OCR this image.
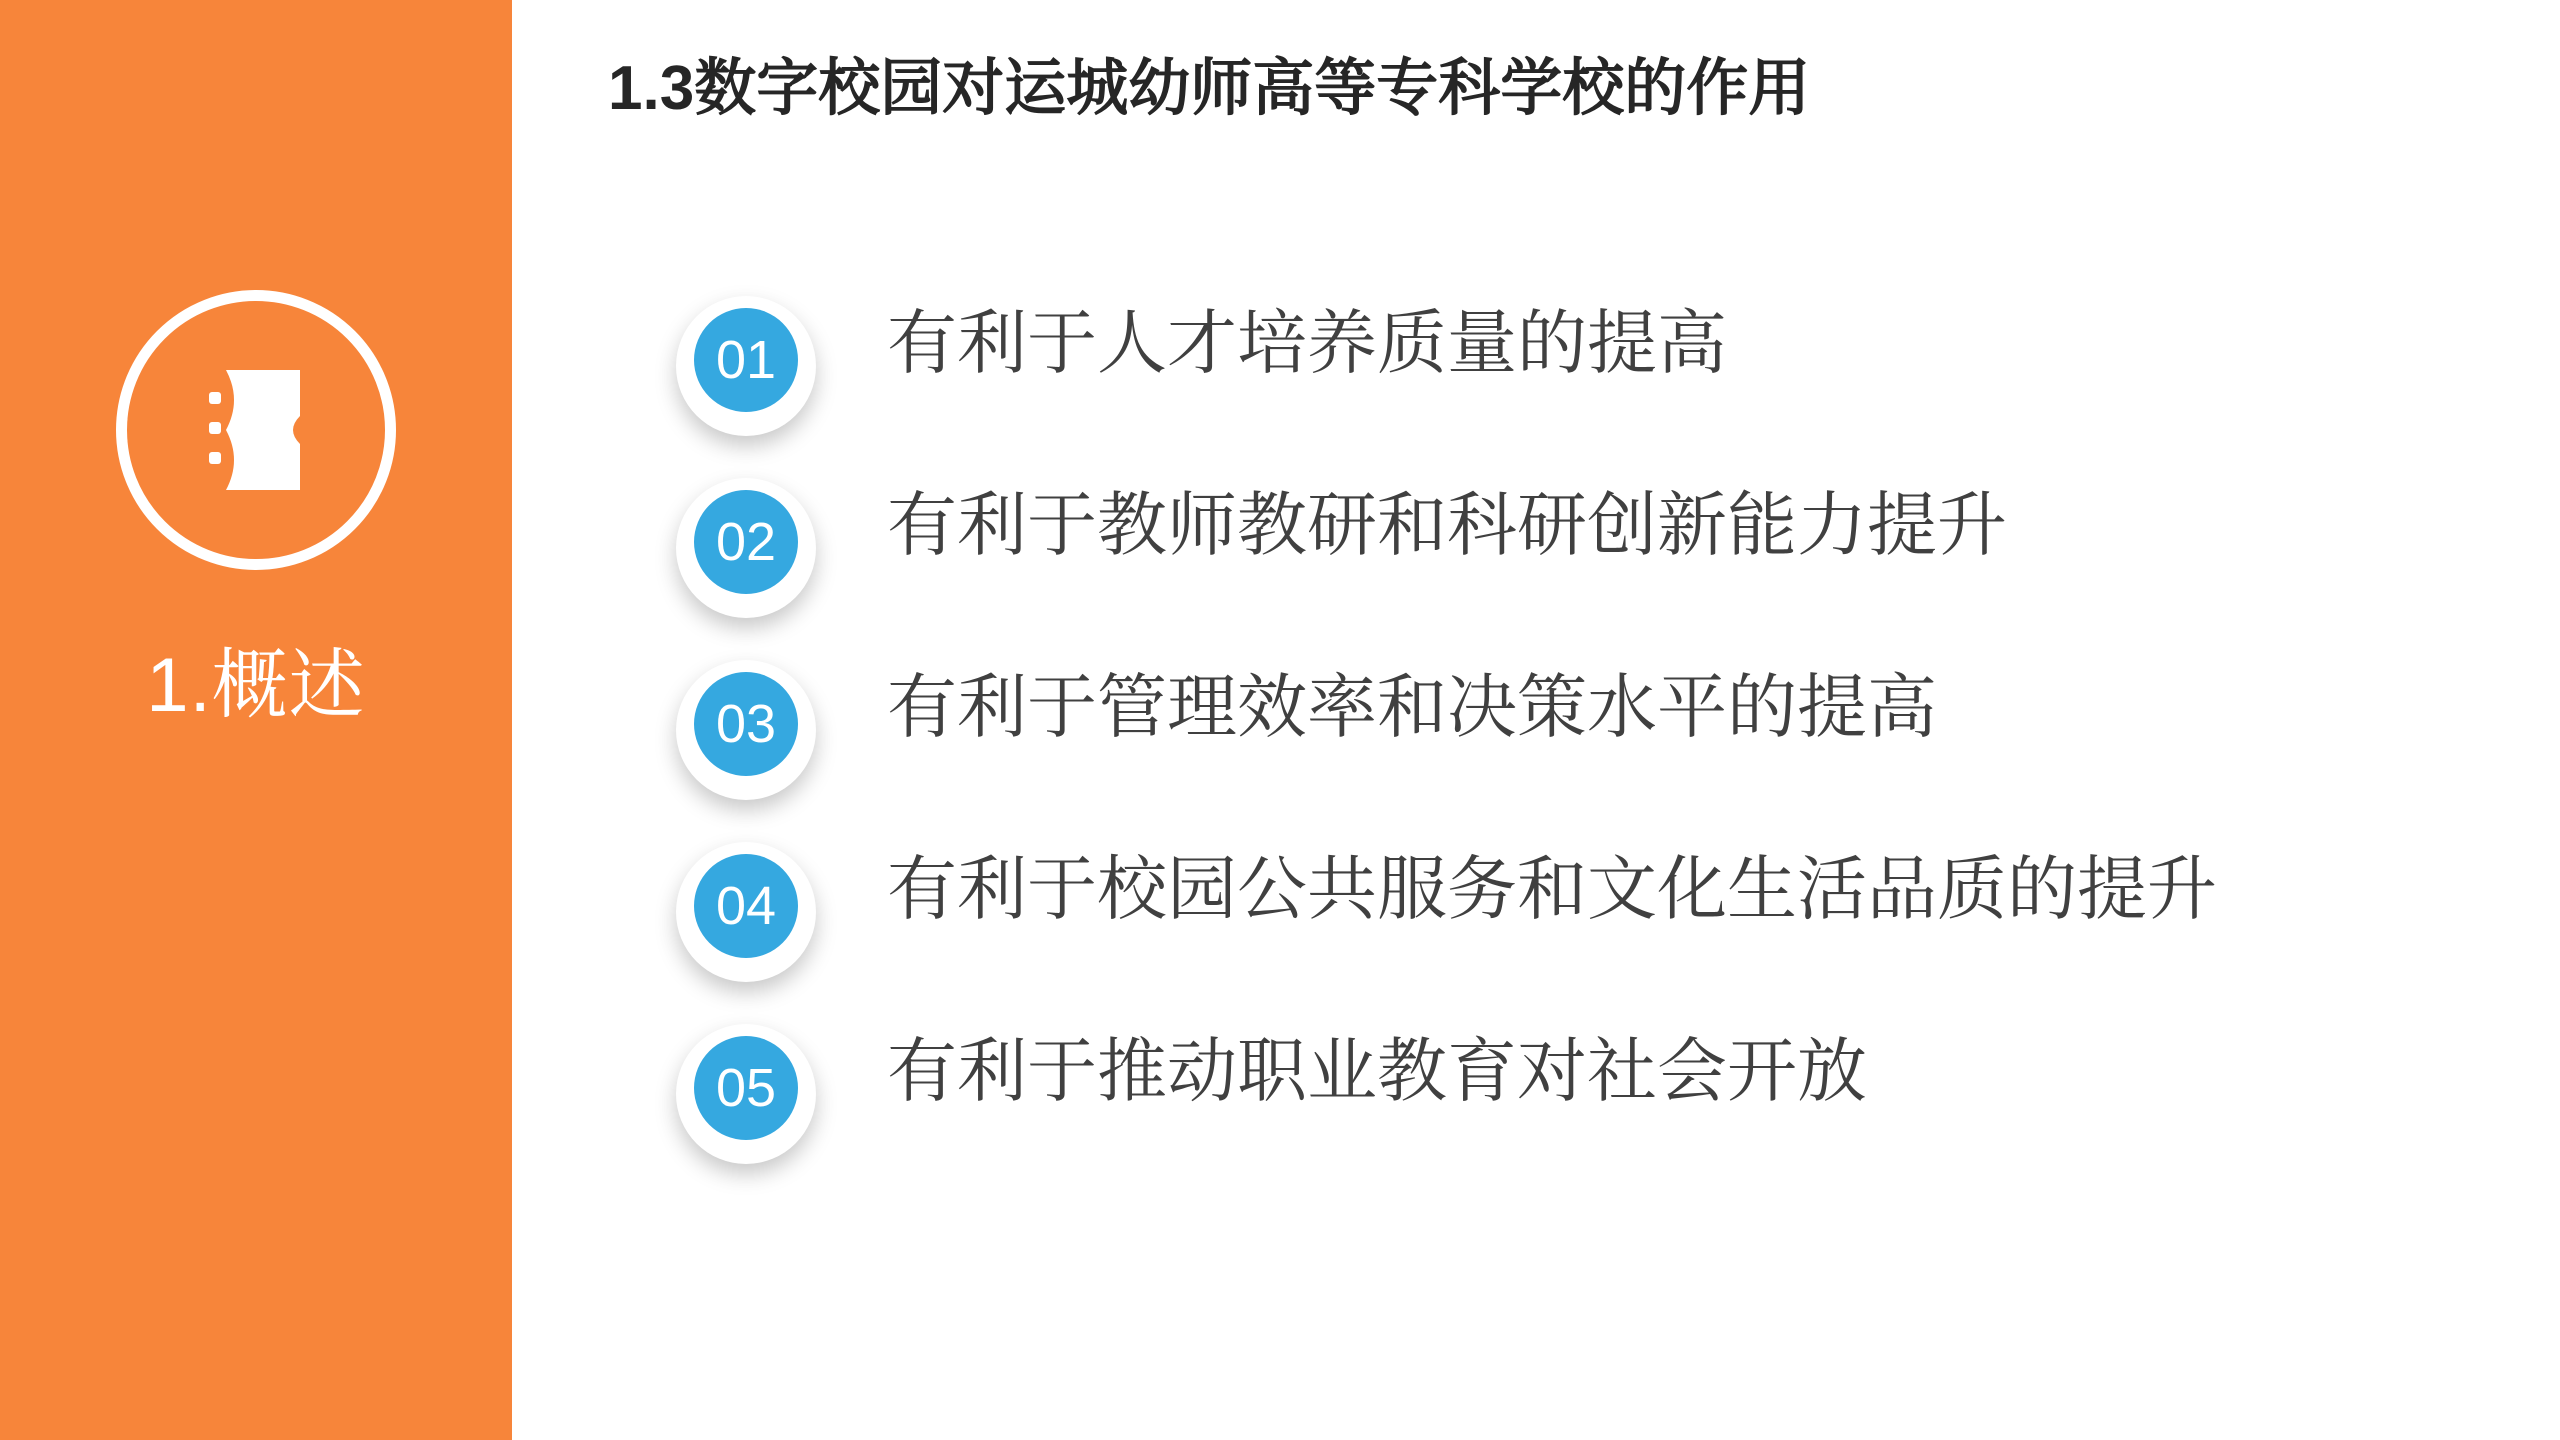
1.概述
1.3数字校园对运城幼师高等专科学校的作用
01	有利于人才培养质量的提高
02	有利于教师教研和科研创新能力提升
03	有利于管理效率和决策水平的提高
04	有利于校园公共服务和文化生活品质的提升
05	有利于推动职业教育对社会开放
